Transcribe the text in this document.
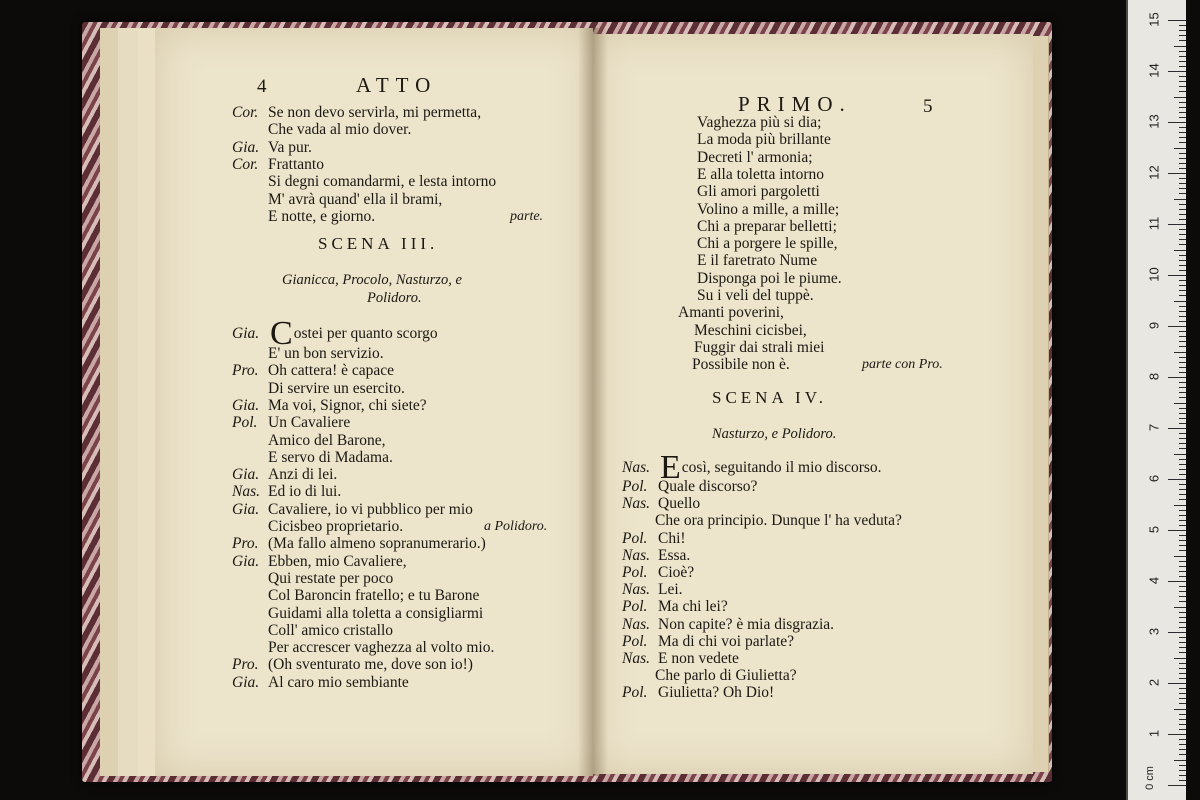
4	ATTO
Cor. Se non devo servirla, mi permetta,
Che vada al mio dover.
Gia. Va pur.
Cor. Frattanto
Si degni comandarmi, e lesta intorno
M' avrà quand' ella il brami,
E notte, e giorno.	parte.
SCENA III.
Gianicca, Procolo, Nasturzo, e
Polidoro.
Gia. Costei per quanto scorgo
E' un bon servizio.
Pro. Oh cattera! è capace
Di servire un esercito.
Gia. Ma voi, Signor, chi siete?
Pol. Un Cavaliere
Amico del Barone,
E servo di Madama.
Gia. Anzi di lei.
Nas. Ed io di lui.
Gia. Cavaliere, io vi pubblico per mio
Cicisbeo proprietario.	a Polidoro.
Pro. (Ma fallo almeno sopranumerario.)
Gia. Ebben, mio Cavaliere,
Qui restate per poco
Col Baroncin fratello; e tu Barone
Guidami alla toletta a consigliarmi
Coll' amico cristallo
Per accrescer vaghezza al volto mio.
Pro. (Oh sventurato me, dove son io!)
Gia. Al caro mio sembiante
PRIMO.	5
Vaghezza più si dia;
La moda più brillante
Decreti l' armonia;
E alla toletta intorno
Gli amori pargoletti
Volino a mille, a mille;
Chi a preparar belletti;
Chi a porgere le spille,
E il faretrato Nume
Disponga poi le piume.
Su i veli del tuppè.
Amanti poverini,
Meschini cicisbei,
Fuggir dai strali miei
Possibile non è.	parte con Pro.
SCENA IV.
Nasturzo, e Polidoro.
Nas. Ecosì, seguitando il mio discorso.
Pol. Quale discorso?
Nas. Quello
Che ora principio. Dunque l' ha veduta?
Pol. Chi!
Nas. Essa.
Pol. Cioè?
Nas. Lei.
Pol. Ma chi lei?
Nas. Non capite? è mia disgrazia.
Pol. Ma di chi voi parlate?
Nas. E non vedete
Che parlo di Giulietta?
Pol. Giulietta? Oh Dio!
15
14
13
12
11
10
9
8
7
6
5
4
3
2
1
0 cm
